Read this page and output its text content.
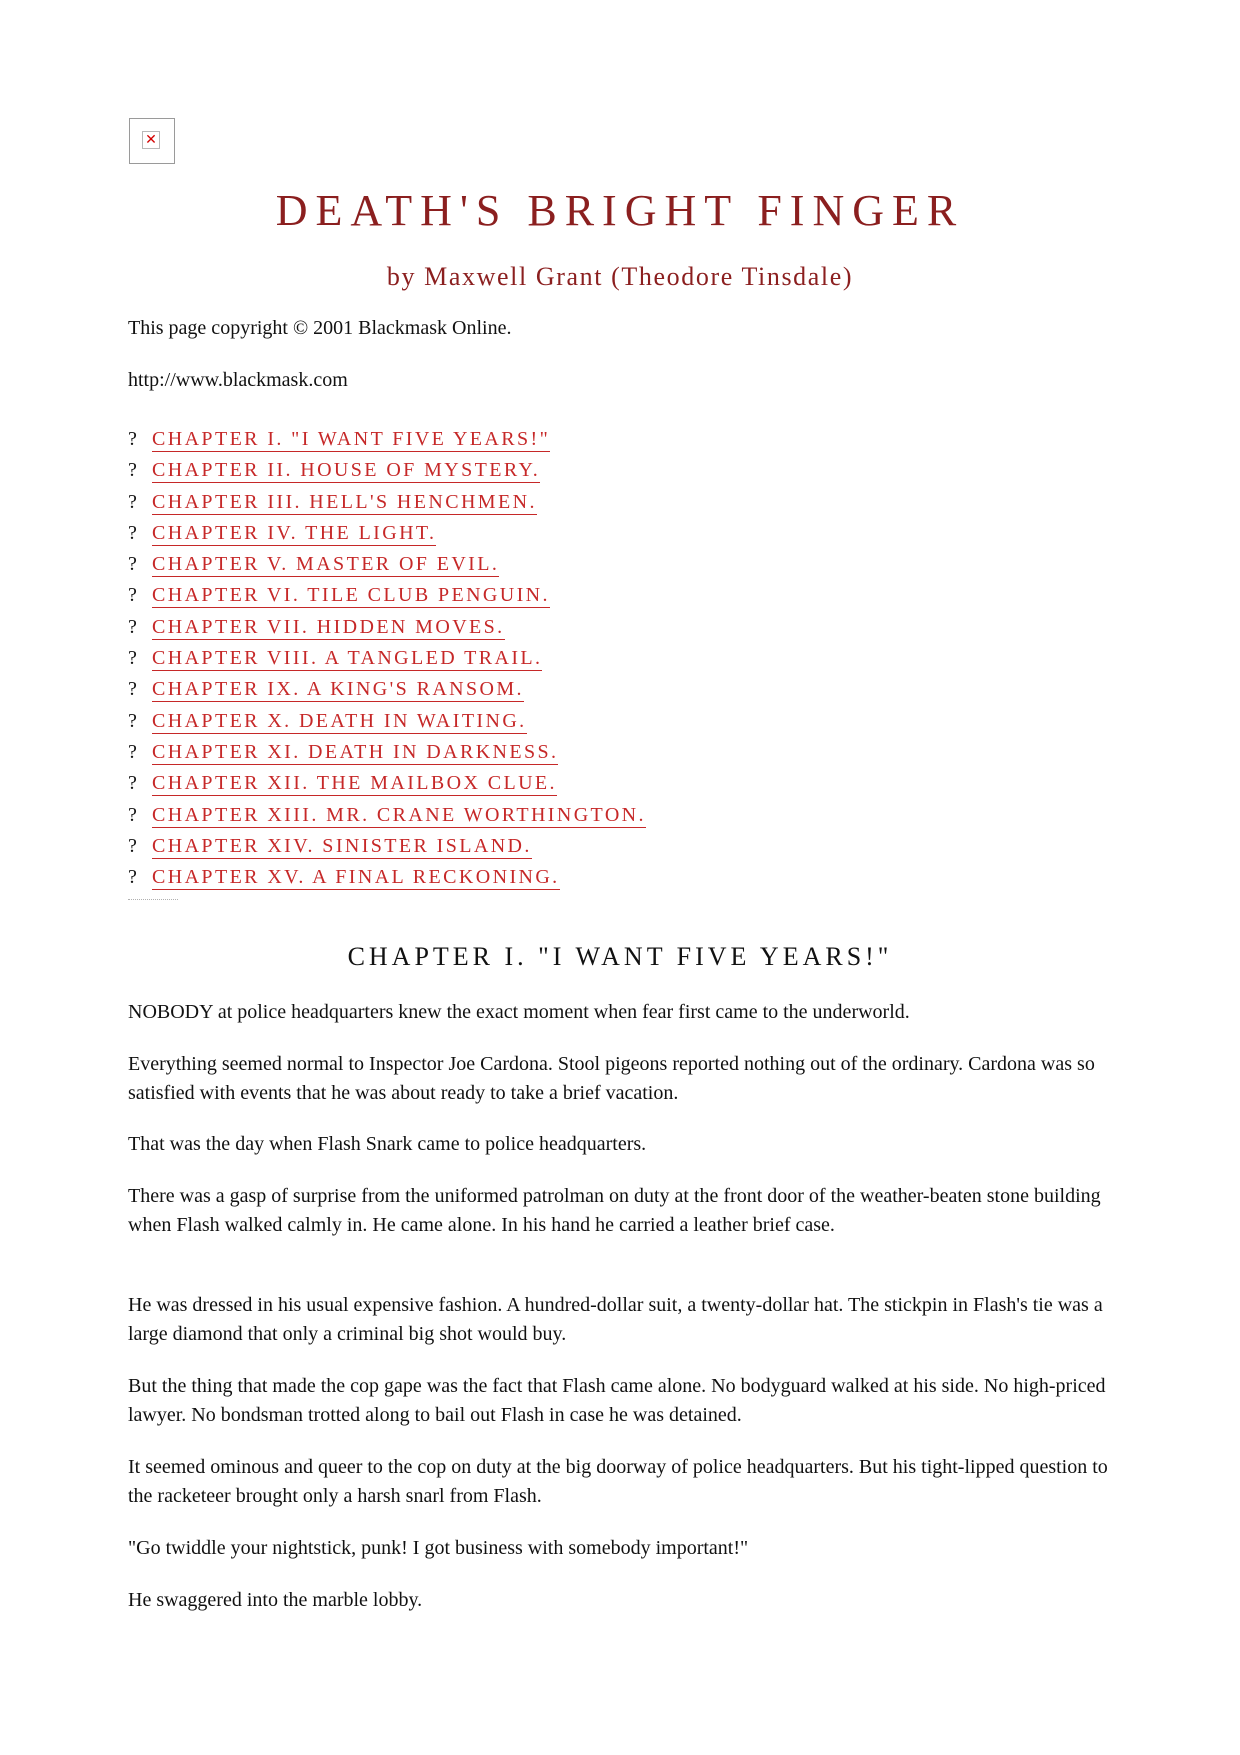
✕
DEATH'S BRIGHT FINGER
by Maxwell Grant (Theodore Tinsdale)

This page copyright © 2001 Blackmask Online.

http://www.blackmask.com

? CHAPTER I. "I WANT FIVE YEARS!"
? CHAPTER II. HOUSE OF MYSTERY.
? CHAPTER III. HELL'S HENCHMEN.
? CHAPTER IV. THE LIGHT.
? CHAPTER V. MASTER OF EVIL.
? CHAPTER VI. TILE CLUB PENGUIN.
? CHAPTER VII. HIDDEN MOVES.
? CHAPTER VIII. A TANGLED TRAIL.
? CHAPTER IX. A KING'S RANSOM.
? CHAPTER X. DEATH IN WAITING.
? CHAPTER XI. DEATH IN DARKNESS.
? CHAPTER XII. THE MAILBOX CLUE.
? CHAPTER XIII. MR. CRANE WORTHINGTON.
? CHAPTER XIV. SINISTER ISLAND.
? CHAPTER XV. A FINAL RECKONING.
CHAPTER I. "I WANT FIVE YEARS!"

NOBODY at police headquarters knew the exact moment when fear first came to the underworld.

Everything seemed normal to Inspector Joe Cardona. Stool pigeons reported nothing out of the ordinary. Cardona was so satisfied with events that he was about ready to take a brief vacation.

That was the day when Flash Snark came to police headquarters.

There was a gasp of surprise from the uniformed patrolman on duty at the front door of the weather-beaten stone building when Flash walked calmly in. He came alone. In his hand he carried a leather brief case.

He was dressed in his usual expensive fashion. A hundred-dollar suit, a twenty-dollar hat. The stickpin in Flash's tie was a large diamond that only a criminal big shot would buy.

But the thing that made the cop gape was the fact that Flash came alone. No bodyguard walked at his side. No high-priced lawyer. No bondsman trotted along to bail out Flash in case he was detained.

It seemed ominous and queer to the cop on duty at the big doorway of police headquarters. But his tight-lipped question to the racketeer brought only a harsh snarl from Flash.

"Go twiddle your nightstick, punk! I got business with somebody important!"

He swaggered into the marble lobby.
